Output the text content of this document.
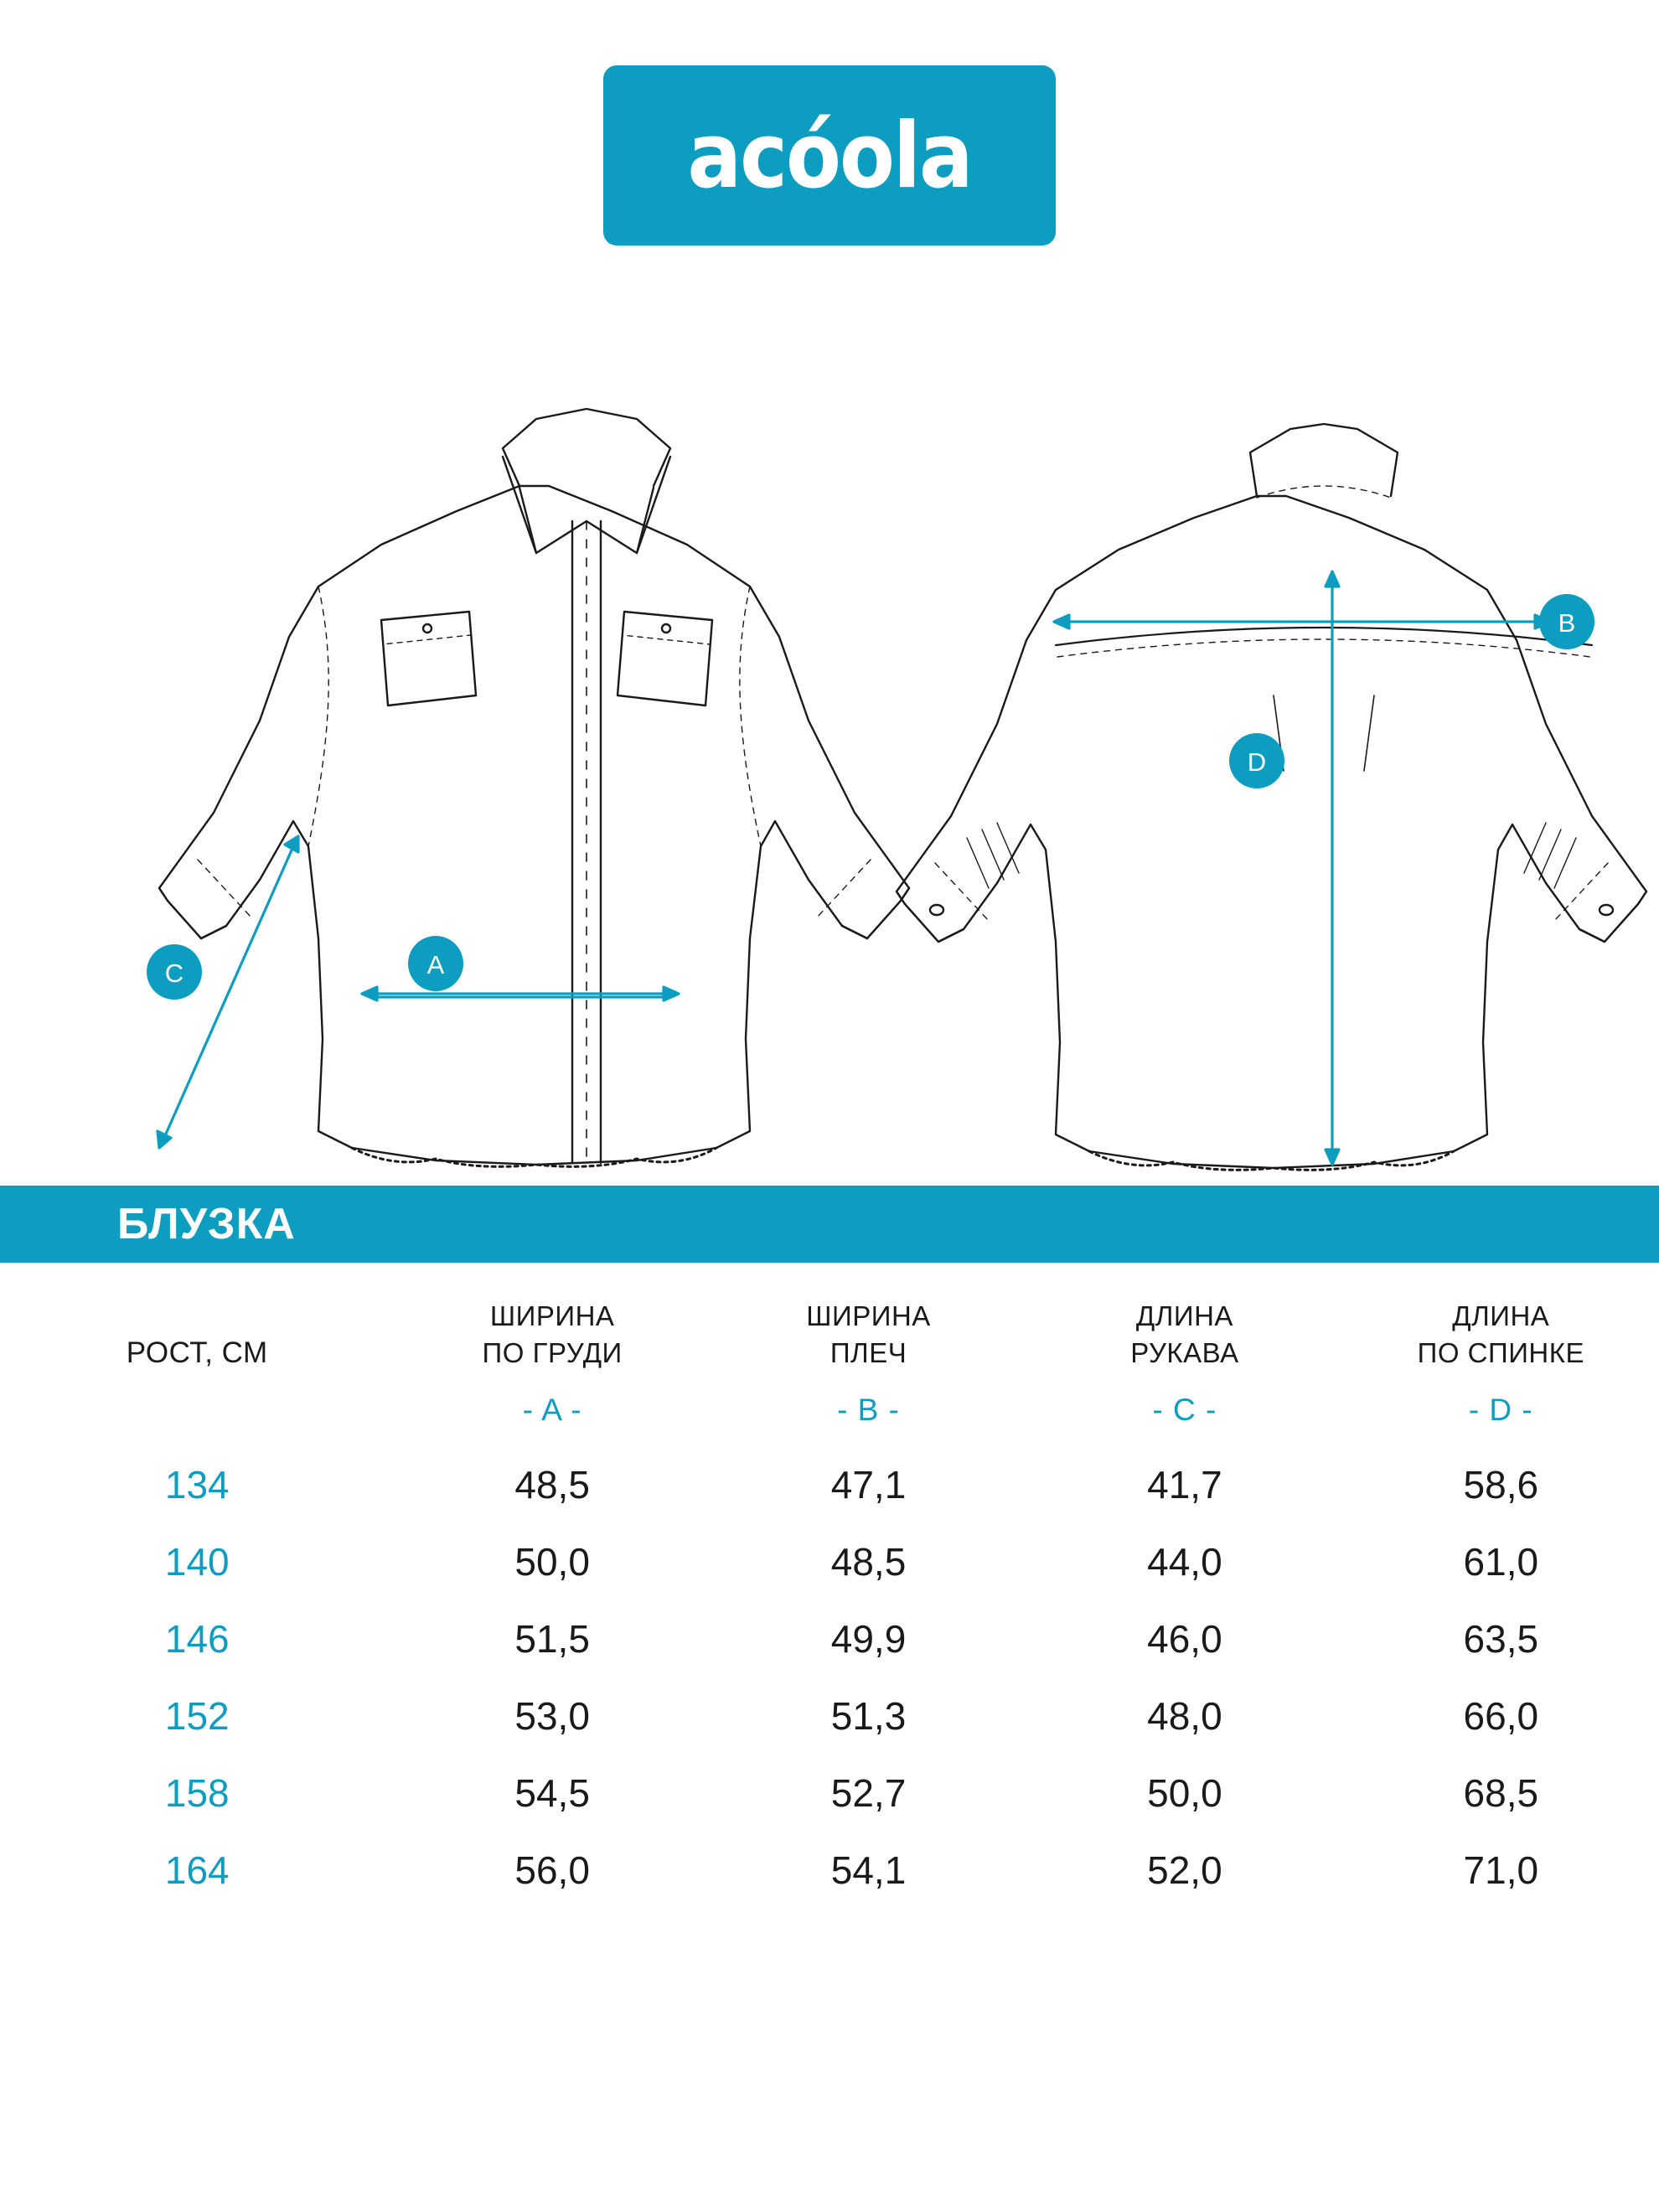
acóola
A
C
B
D
БЛУЗКА
РОСТ, СМ

ШИРИНА
ПО ГРУДИ
- A -

ШИРИНА
ПЛЕЧ
- B -

ДЛИНА
РУКАВА
- C -

ДЛИНА
ПО СПИНКЕ
- D -

134	48,5	47,1	41,7	58,6
140	50,0	48,5	44,0	61,0
146	51,5	49,9	46,0	63,5
152	53,0	51,3	48,0	66,0
158	54,5	52,7	50,0	68,5
164	56,0	54,1	52,0	71,0
